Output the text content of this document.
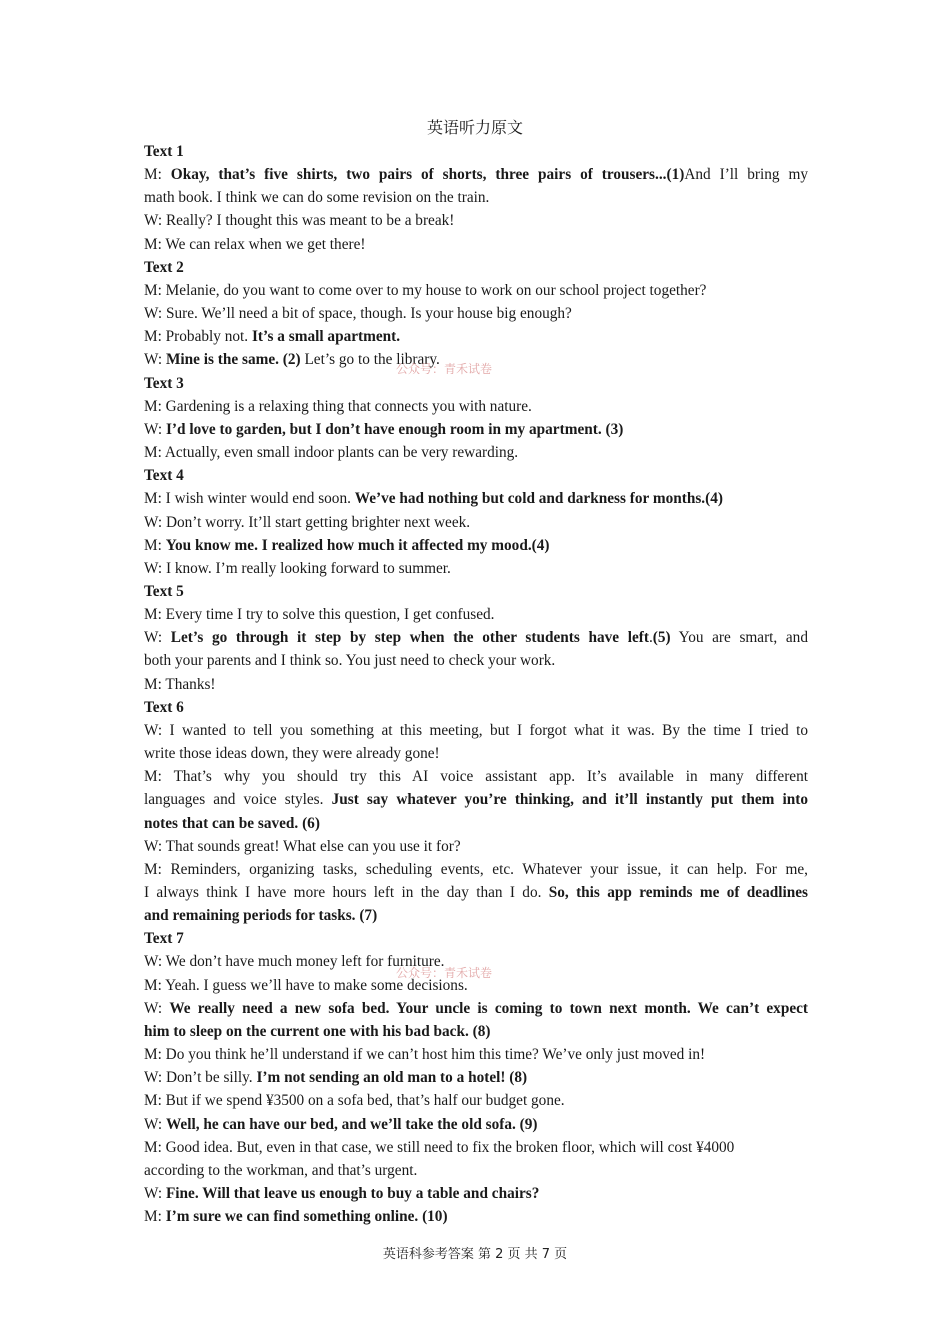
英语听力原文
Text 1
M: Okay, that’s five shirts, two pairs of shorts, three pairs of trousers...(1)And I’ll bring my
math book. I think we can do some revision on the train.
W: Really? I thought this was meant to be a break!
M: We can relax when we get there!
Text 2
M: Melanie, do you want to come over to my house to work on our school project together?
W: Sure. We’ll need a bit of space, though. Is your house big enough?
M: Probably not. It’s a small apartment.
W: Mine is the same. (2) Let’s go to the library.
Text 3
M: Gardening is a relaxing thing that connects you with nature.
W: I’d love to garden, but I don’t have enough room in my apartment. (3)
M: Actually, even small indoor plants can be very rewarding.
Text 4
M: I wish winter would end soon. We’ve had nothing but cold and darkness for months.(4)
W: Don’t worry. It’ll start getting brighter next week.
M: You know me. I realized how much it affected my mood.(4)
W: I know. I’m really looking forward to summer.
Text 5
M: Every time I try to solve this question, I get confused.
W: Let’s go through it step by step when the other students have left.(5) You are smart, and
both your parents and I think so. You just need to check your work.
M: Thanks!
Text 6
W: I wanted to tell you something at this meeting, but I forgot what it was. By the time I tried to
write those ideas down, they were already gone!
M: That’s why you should try this AI voice assistant app. It’s available in many different
languages and voice styles. Just say whatever you’re thinking, and it’ll instantly put them into
notes that can be saved. (6)
W: That sounds great! What else can you use it for?
M: Reminders, organizing tasks, scheduling events, etc. Whatever your issue, it can help. For me,
I always think I have more hours left in the day than I do. So, this app reminds me of deadlines
and remaining periods for tasks. (7)
Text 7
W: We don’t have much money left for furniture.
M: Yeah. I guess we’ll have to make some decisions.
W: We really need a new sofa bed. Your uncle is coming to town next month. We can’t expect
him to sleep on the current one with his bad back. (8)
M: Do you think he’ll understand if we can’t host him this time? We’ve only just moved in!
W: Don’t be silly. I’m not sending an old man to a hotel! (8)
M: But if we spend ¥3500 on a sofa bed, that’s half our budget gone.
W: Well, he can have our bed, and we’ll take the old sofa. (9)
M: Good idea. But, even in that case, we still need to fix the broken floor, which will cost ¥4000
according to the workman, and that’s urgent.
W: Fine. Will that leave us enough to buy a table and chairs?
M: I’m sure we can find something online. (10)
公众号：青禾试卷
公众号：青禾试卷
英语科参考答案 第 2 页 共 7 页
